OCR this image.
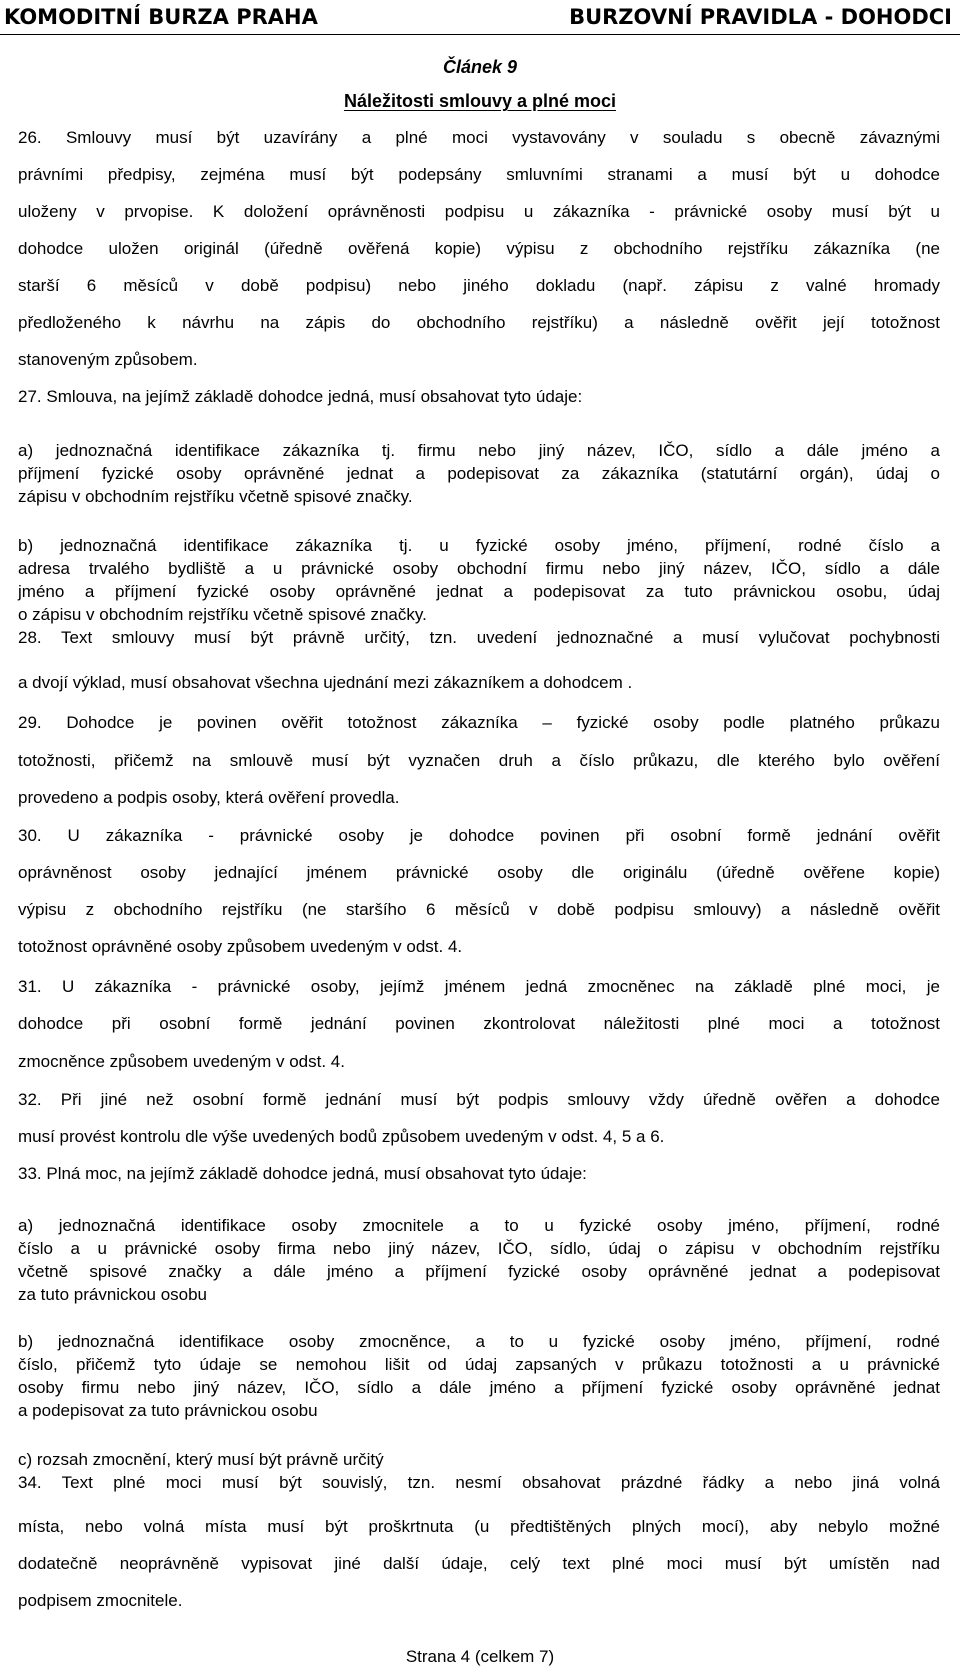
KOMODITNÍ BURZA PRAHA	BURZOVNÍ PRAVIDLA - DOHODCI
Článek 9
Náležitosti smlouvy a plné moci
26. Smlouvy musí být uzavírány a plné moci vystavovány v souladu s obecně závaznými
právními předpisy, zejména musí být podepsány smluvními stranami a musí být u dohodce
uloženy v prvopise. K doložení oprávněnosti podpisu u zákazníka - právnické osoby musí být u
dohodce uložen originál (úředně ověřená kopie) výpisu z obchodního rejstříku zákazníka (ne
starší 6 měsíců v době podpisu) nebo jiného dokladu (např. zápisu z valné hromady
předloženého k návrhu na zápis do obchodního rejstříku) a následně ověřit její totožnost
stanoveným způsobem.
27. Smlouva, na jejímž základě dohodce jedná, musí obsahovat tyto údaje:
a) jednoznačná identifikace zákazníka tj. firmu nebo jiný název, IČO, sídlo a dále jméno a
příjmení fyzické osoby oprávněné jednat a podepisovat za zákazníka (statutární orgán), údaj o
zápisu v obchodním rejstříku včetně spisové značky.
b) jednoznačná identifikace zákazníka tj. u fyzické osoby jméno, příjmení, rodné číslo a
adresa trvalého bydliště a u právnické osoby obchodní firmu nebo jiný název, IČO, sídlo a dále
jméno a příjmení fyzické osoby oprávněné jednat a podepisovat za tuto právnickou osobu, údaj
o zápisu v obchodním rejstříku včetně spisové značky.
28. Text smlouvy musí být právně určitý, tzn. uvedení jednoznačné a musí vylučovat pochybnosti
a dvojí výklad, musí obsahovat všechna ujednání mezi zákazníkem a dohodcem .
29. Dohodce je povinen ověřit totožnost zákazníka – fyzické osoby podle platného průkazu
totožnosti, přičemž na smlouvě musí být vyznačen druh a číslo průkazu, dle kterého bylo ověření
provedeno a podpis osoby, která ověření provedla.
30. U zákazníka - právnické osoby je dohodce povinen při osobní formě jednání ověřit
oprávněnost osoby jednající jménem právnické osoby dle originálu (úředně ověřene kopie)
výpisu z obchodního rejstříku (ne staršího 6 měsíců v době podpisu smlouvy) a následně ověřit
totožnost oprávněné osoby způsobem uvedeným v odst. 4.
31. U zákazníka - právnické osoby, jejímž jménem jedná zmocněnec na základě plné moci, je
dohodce při osobní formě jednání povinen zkontrolovat náležitosti plné moci a totožnost
zmocněnce způsobem uvedeným v odst. 4.
32. Při jiné než osobní formě jednání musí být podpis smlouvy vždy úředně ověřen a dohodce
musí provést kontrolu dle výše uvedených bodů způsobem uvedeným v odst. 4, 5 a 6.
33. Plná moc, na jejímž základě dohodce jedná, musí obsahovat tyto údaje:
a) jednoznačná identifikace osoby zmocnitele a to u fyzické osoby jméno, příjmení, rodné
číslo a u právnické osoby firma nebo jiný název, IČO, sídlo, údaj o zápisu v obchodním rejstříku
včetně spisové značky a dále jméno a příjmení fyzické osoby oprávněné jednat a podepisovat
za tuto právnickou osobu
b) jednoznačná identifikace osoby zmocněnce, a to u fyzické osoby jméno, příjmení, rodné
číslo, přičemž tyto údaje se nemohou lišit od údaj zapsaných v průkazu totožnosti a u právnické
osoby firmu nebo jiný název, IČO, sídlo a dále jméno a příjmení fyzické osoby oprávněné jednat
a podepisovat za tuto právnickou osobu
c) rozsah zmocnění, který musí být právně určitý
34. Text plné moci musí být souvislý, tzn. nesmí obsahovat prázdné řádky a nebo jiná volná
místa, nebo volná místa musí být proškrtnuta (u předtištěných plných mocí), aby nebylo možné
dodatečně neoprávněně vypisovat jiné další údaje, celý text plné moci musí být umístěn nad
podpisem zmocnitele.
Strana 4 (celkem 7)
